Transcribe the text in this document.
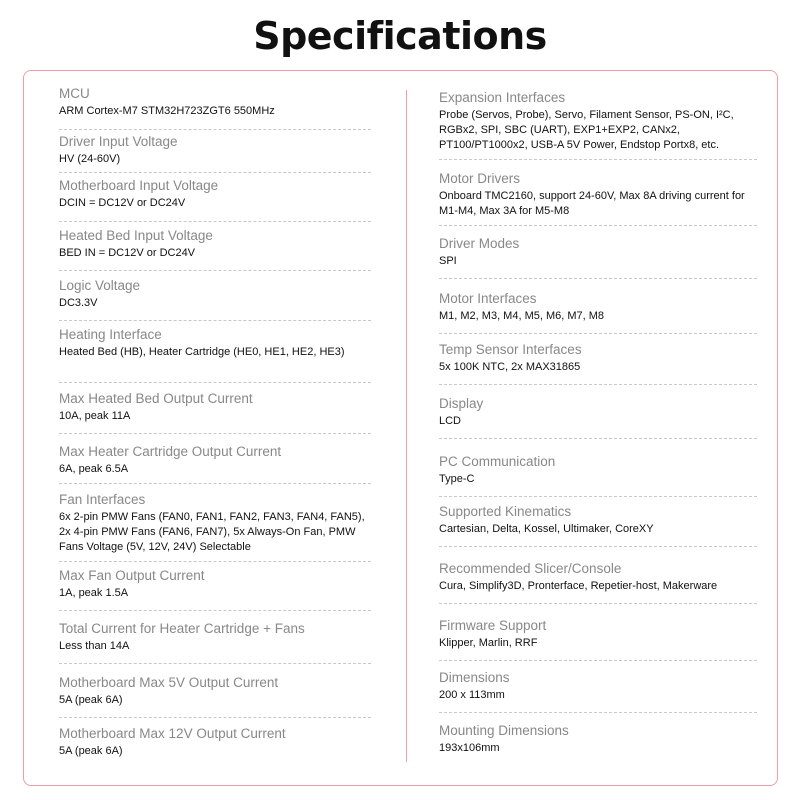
Specifications
MCU
ARM Cortex-M7 STM32H723ZGT6 550MHz
Driver Input Voltage
HV (24-60V)
Motherboard Input Voltage
DCIN = DC12V or DC24V
Heated Bed Input Voltage
BED IN = DC12V or DC24V
Logic Voltage
DC3.3V
Heating Interface
Heated Bed (HB), Heater Cartridge (HE0, HE1, HE2, HE3)
Max Heated Bed Output Current
10A, peak 11A
Max Heater Cartridge Output Current
6A, peak 6.5A
Fan Interfaces
6x 2-pin PMW Fans (FAN0, FAN1, FAN2, FAN3, FAN4, FAN5), 2x 4-pin PMW Fans (FAN6, FAN7), 5x Always-On Fan, PMW Fans Voltage (5V, 12V, 24V) Selectable
Max Fan Output Current
1A, peak 1.5A
Total Current for Heater Cartridge + Fans
Less than 14A
Motherboard Max 5V Output Current
5A (peak 6A)
Motherboard Max 12V Output Current
5A (peak 6A)
Expansion Interfaces
Probe (Servos, Probe), Servo, Filament Sensor, PS-ON, I²C, RGBx2, SPI, SBC (UART), EXP1+EXP2, CANx2, PT100/PT1000x2, USB-A 5V Power, Endstop Portx8, etc.
Motor Drivers
Onboard TMC2160, support 24-60V, Max 8A driving current for M1-M4, Max 3A for M5-M8
Driver Modes
SPI
Motor Interfaces
M1, M2, M3, M4, M5, M6, M7, M8
Temp Sensor Interfaces
5x 100K NTC, 2x MAX31865
Display
LCD
PC Communication
Type-C
Supported Kinematics
Cartesian, Delta, Kossel, Ultimaker, CoreXY
Recommended Slicer/Console
Cura, Simplify3D, Pronterface, Repetier-host, Makerware
Firmware Support
Klipper, Marlin, RRF
Dimensions
200 x 113mm
Mounting Dimensions
193x106mm
